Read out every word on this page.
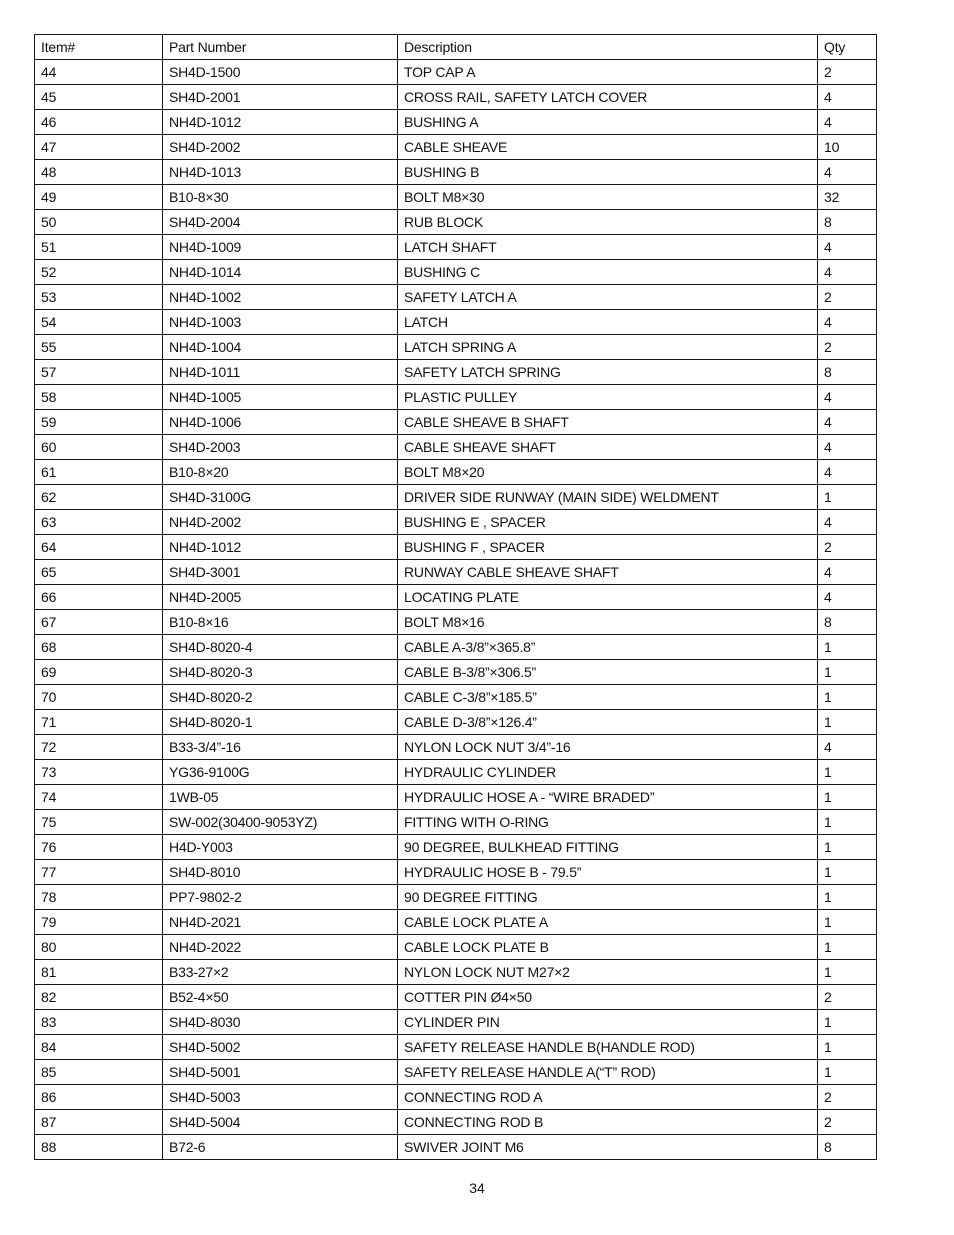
Item#	Part Number	Description	Qty
44	SH4D-1500	TOP CAP A	2
45	SH4D-2001	CROSS RAIL, SAFETY LATCH COVER	4
46	NH4D-1012	BUSHING A	4
47	SH4D-2002	CABLE SHEAVE	10
48	NH4D-1013	BUSHING B	4
49	B10-8×30	BOLT M8×30	32
50	SH4D-2004	RUB BLOCK	8
51	NH4D-1009	LATCH SHAFT	4
52	NH4D-1014	BUSHING C	4
53	NH4D-1002	SAFETY LATCH A	2
54	NH4D-1003	LATCH	4
55	NH4D-1004	LATCH SPRING A	2
57	NH4D-1011	SAFETY LATCH SPRING	8
58	NH4D-1005	PLASTIC PULLEY	4
59	NH4D-1006	CABLE SHEAVE B SHAFT	4
60	SH4D-2003	CABLE SHEAVE SHAFT	4
61	B10-8×20	BOLT M8×20	4
62	SH4D-3100G	DRIVER SIDE RUNWAY (MAIN SIDE) WELDMENT	1
63	NH4D-2002	BUSHING E , SPACER	4
64	NH4D-1012	BUSHING F , SPACER	2
65	SH4D-3001	RUNWAY CABLE SHEAVE SHAFT	4
66	NH4D-2005	LOCATING PLATE	4
67	B10-8×16	BOLT M8×16	8
68	SH4D-8020-4	CABLE A-3/8”×365.8”	1
69	SH4D-8020-3	CABLE B-3/8”×306.5”	1
70	SH4D-8020-2	CABLE C-3/8”×185.5”	1
71	SH4D-8020-1	CABLE D-3/8”×126.4”	1
72	B33-3/4”-16	NYLON LOCK NUT 3/4”-16	4
73	YG36-9100G	HYDRAULIC CYLINDER	1
74	1WB-05	HYDRAULIC HOSE A - “WIRE BRADED”	1
75	SW-002(30400-9053YZ)	FITTING WITH O-RING	1
76	H4D-Y003	90 DEGREE, BULKHEAD FITTING	1
77	SH4D-8010	HYDRAULIC HOSE B - 79.5”	1
78	PP7-9802-2	90 DEGREE FITTING	1
79	NH4D-2021	CABLE LOCK PLATE A	1
80	NH4D-2022	CABLE LOCK PLATE B	1
81	B33-27×2	NYLON LOCK NUT M27×2	1
82	B52-4×50	COTTER PIN Ø4×50	2
83	SH4D-8030	CYLINDER PIN	1
84	SH4D-5002	SAFETY RELEASE HANDLE B(HANDLE ROD)	1
85	SH4D-5001	SAFETY RELEASE HANDLE A(“T” ROD)	1
86	SH4D-5003	CONNECTING ROD A	2
87	SH4D-5004	CONNECTING ROD B	2
88	B72-6	SWIVER JOINT M6	8
34
